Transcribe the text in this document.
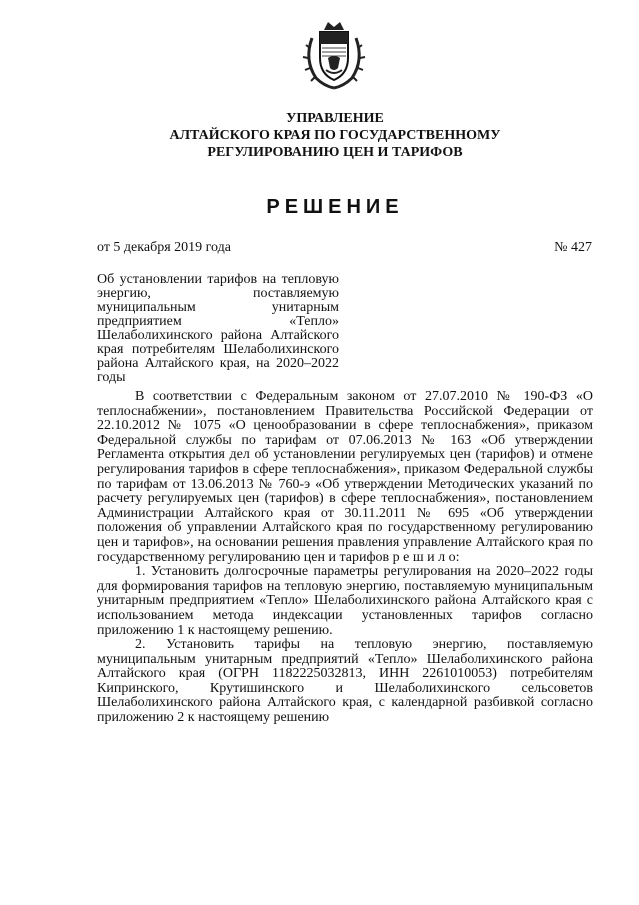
УПРАВЛЕНИЕ
АЛТАЙСКОГО КРАЯ ПО ГОСУДАРСТВЕННОМУ
РЕГУЛИРОВАНИЮ ЦЕН И ТАРИФОВ
РЕШЕНИЕ
от 5 декабря 2019 года	№ 427
Об установлении тарифов на тепловую энергию, поставляемую муниципальным унитарным предприятием «Тепло» Шелаболихинского района Алтайского края потребителям Шелаболихинского района Алтайского края, на 2020–2022 годы

В соответствии с Федеральным законом от 27.07.2010 № 190-ФЗ «О теплоснабжении», постановлением Правительства Российской Федерации от 22.10.2012 № 1075 «О ценообразовании в сфере теплоснабжения», приказом Федеральной службы по тарифам от 07.06.2013 № 163 «Об утверждении Регламента открытия дел об установлении регулируемых цен (тарифов) и отмене регулирования тарифов в сфере теплоснабжения», приказом Федеральной службы по тарифам от 13.06.2013 № 760-э «Об утверждении Методических указаний по расчету регулируемых цен (тарифов) в сфере теплоснабжения», постановлением Администрации Алтайского края от 30.11.2011 № 695 «Об утверждении положения об управлении Алтайского края по государственному регулированию цен и тарифов», на основании решения правления управление Алтайского края по государственному регулированию цен и тарифов р е ш и л о:

1. Установить долгосрочные параметры регулирования на 2020–2022 годы для формирования тарифов на тепловую энергию, поставляемую муниципальным унитарным предприятием «Тепло» Шелаболихинского района Алтайского края с использованием метода индексации установленных тарифов согласно приложению 1 к настоящему решению.

2. Установить тарифы на тепловую энергию, поставляемую муниципальным унитарным предприятий «Тепло» Шелаболихинского района Алтайского края (ОГРН 1182225032813, ИНН 2261010053) потребителям Кипринского, Крутишинского и Шелаболихинского сельсоветов Шелаболихинского района Алтайского края, с календарной разбивкой согласно приложению 2 к настоящему решению
